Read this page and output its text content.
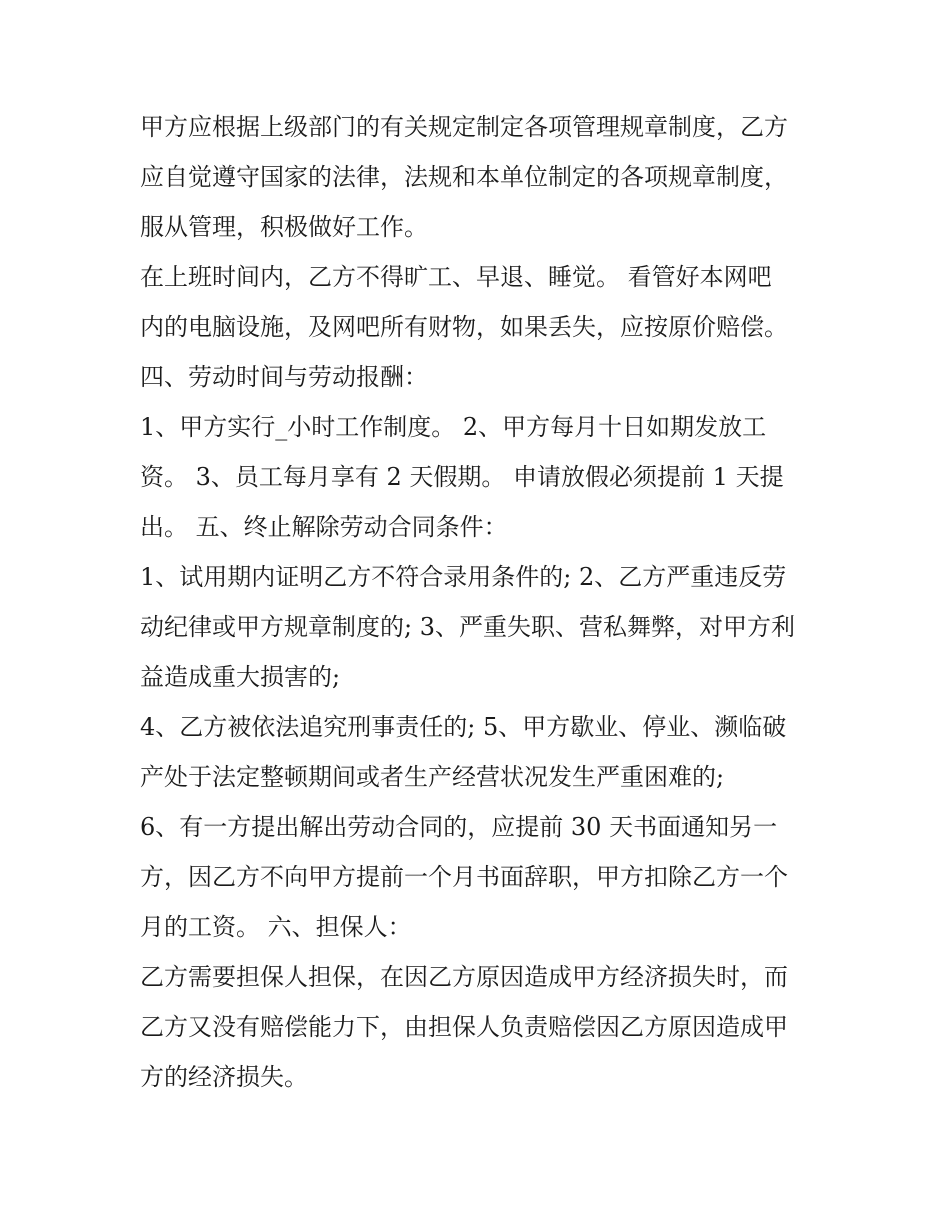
甲方应根据上级部门的有关规定制定各项管理规章制度，乙方
应自觉遵守国家的法律，法规和本单位制定的各项规章制度，
服从管理，积极做好工作。
在上班时间内，乙方不得旷工、早退、睡觉。 看管好本网吧
内的电脑设施，及网吧所有财物，如果丢失，应按原价赔偿。
四、劳动时间与劳动报酬：
1、甲方实行_小时工作制度。 2、甲方每月十日如期发放工
资。 3、员工每月享有 2 天假期。 申请放假必须提前 1 天提
出。 五、终止解除劳动合同条件：
1、试用期内证明乙方不符合录用条件的; 2、乙方严重违反劳
动纪律或甲方规章制度的; 3、严重失职、营私舞弊，对甲方利
益造成重大损害的;
4、乙方被依法追究刑事责任的; 5、甲方歇业、停业、濒临破
产处于法定整顿期间或者生产经营状况发生严重困难的;
6、有一方提出解出劳动合同的，应提前 30 天书面通知另一
方，因乙方不向甲方提前一个月书面辞职，甲方扣除乙方一个
月的工资。 六、担保人：
乙方需要担保人担保，在因乙方原因造成甲方经济损失时，而
乙方又没有赔偿能力下，由担保人负责赔偿因乙方原因造成甲
方的经济损失。
